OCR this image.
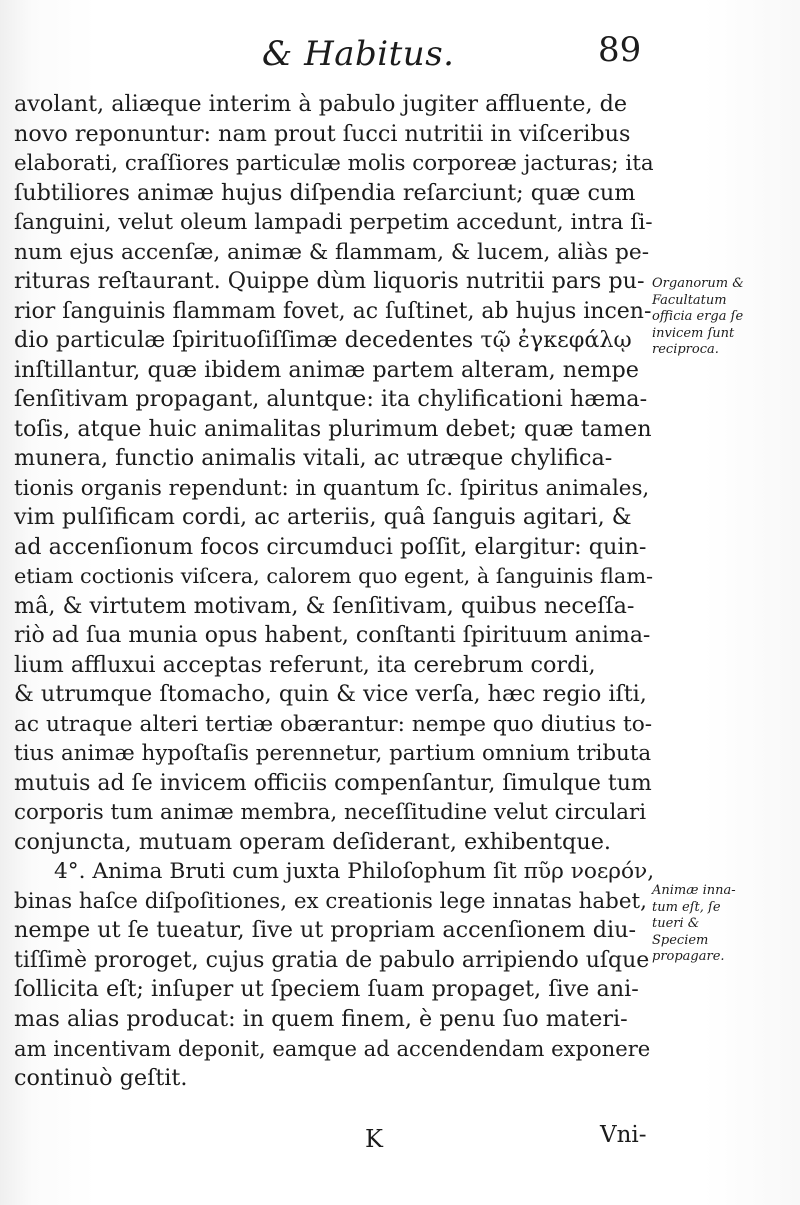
& Habitus.	89
avolant, aliæque interim à pabulo jugiter affluente, de
novo reponuntur: nam prout ſucci nutritii in viſceribus
elaborati, craſſiores particulæ molis corporeæ jacturas; ita
ſubtiliores animæ hujus diſpendia reſarciunt; quæ cum
ſanguini, velut oleum lampadi perpetim accedunt, intra ſi-
num ejus accenſæ, animæ & flammam, & lucem, aliàs pe-
rituras reſtaurant. Quippe dùm liquoris nutritii pars pu-
rior ſanguinis flammam fovet, ac ſuſtinet, ab hujus incen-
dio particulæ ſpirituoſiſſimæ decedentes τῷ ἐγκεφάλῳ
inſtillantur, quæ ibidem animæ partem alteram, nempe
ſenſitivam propagant, aluntque: ita chylificationi hæma-
toſis, atque huic animalitas plurimum debet; quæ tamen
munera, functio animalis vitali, ac utræque chylifica-
tionis organis rependunt: in quantum ſc. ſpiritus animales,
vim pulſificam cordi, ac arteriis, quâ ſanguis agitari, &
ad accenſionum focos circumduci poſſit, elargitur: quin-
etiam coctionis viſcera, calorem quo egent, à ſanguinis flam-
mâ, & virtutem motivam, & ſenſitivam, quibus neceſſa-
riò ad ſua munia opus habent, conſtanti ſpirituum anima-
lium affluxui acceptas referunt, ita cerebrum cordi,
& utrumque ſtomacho, quin & vice verſa, hæc regio iſti,
ac utraque alteri tertiæ obærantur: nempe quo diutius to-
tius animæ hypoſtaſis perennetur, partium omnium tributa
mutuis ad ſe invicem officiis compenſantur, ſimulque tum
corporis tum animæ membra, neceſſitudine velut circulari
conjuncta, mutuam operam deſiderant, exhibentque.
4°. Anima Bruti cum juxta Philoſophum ſit πῦρ νοερόν,
binas haſce diſpoſitiones, ex creationis lege innatas habet,
nempe ut ſe tueatur, ſive ut propriam accenſionem diu-
tiſſimè proroget, cujus gratia de pabulo arripiendo uſque
ſollicita eſt; inſuper ut ſpeciem ſuam propaget, ſive ani-
mas alias producat: in quem finem, è penu ſuo materi-
am incentivam deponit, eamque ad accendendam exponere
continuò geſtit.
Organorum &
Facultatum
officia erga ſe
invicem ſunt
reciproca.
Animæ inna-
tum eſt, ſe
tueri &
Speciem
propagare.
K	Vni-
